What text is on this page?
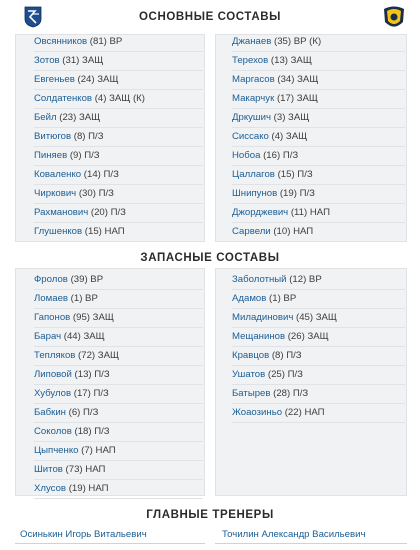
ОСНОВНЫЕ СОСТАВЫ
Овсянников (81) ВР
Зотов (31) ЗАЩ
Евгеньев (24) ЗАЩ
Солдатенков (4) ЗАЩ (К)
Бейл (23) ЗАЩ
Витюгов (8) П/З
Пиняев (9) П/З
Коваленко (14) П/З
Чиркович (30) П/З
Рахманович (20) П/З
Глушенков (15) НАП
Джанаев (35) ВР (К)
Терехов (13) ЗАЩ
Маргасов (34) ЗАЩ
Макарчук (17) ЗАЩ
Дркушич (3) ЗАЩ
Сиссако (4) ЗАЩ
Нобоа (16) П/З
Цаллагов (15) П/З
Шнипунов (19) П/З
Джорджевич (11) НАП
Сарвели (10) НАП
ЗАПАСНЫЕ СОСТАВЫ
Фролов (39) ВР
Ломаев (1) ВР
Гапонов (95) ЗАЩ
Барач (44) ЗАЩ
Тепляков (72) ЗАЩ
Липовой (13) П/З
Хубулов (17) П/З
Бабкин (6) П/З
Соколов (18) П/З
Цыпченко (7) НАП
Шитов (73) НАП
Хлусов (19) НАП
Заболотный (12) ВР
Адамов (1) ВР
Миладинович (45) ЗАЩ
Мещанинов (26) ЗАЩ
Кравцов (8) П/З
Ушатов (25) П/З
Батырев (28) П/З
Жоаозиньо (22) НАП
ГЛАВНЫЕ ТРЕНЕРЫ
Осинькин Игорь Витальевич	Точилин Александр Васильевич
